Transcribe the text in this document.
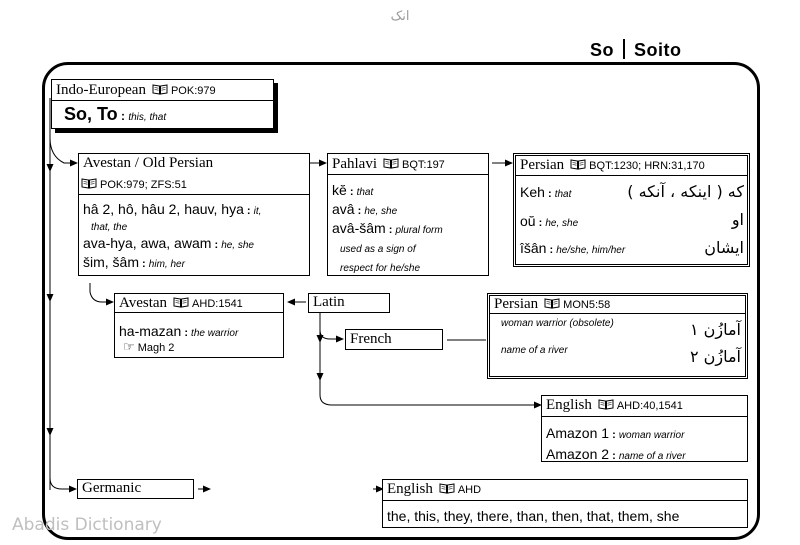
انک
So Soito
Indo-European POK:979
So, To : this, that
Avestan / Old Persian
POK:979; ZFS:51
hâ 2, hô, hâu 2, hauv, hya : it,
that, the
ava-hya, awa, awam : he, she
šim, šâm : him, her
Pahlavi BQT:197
kĕ : that
avâ : he, she
avâ-šâm : plural form
used as a sign of
respect for he/she
Persian BQT:1230; HRN:31,170
Keh : that	که ( اینکه ، آنکه )
oŭ : he, she	او
îšân : he/she, him/her	ایشان
Avestan AHD:1541
ha-mazan : the warrior
☞ Magh 2
Latin
French
Persian MON5:58
woman warrior (obsolete)	آمازُن ۱
name of a river	آمازُن ۲
English AHD:40,1541
Amazon 1 : woman warrior
Amazon 2 : name of a river
Germanic	English AHD
the, this, they, there, than, then, that, them, she
Abadis Dictionary
